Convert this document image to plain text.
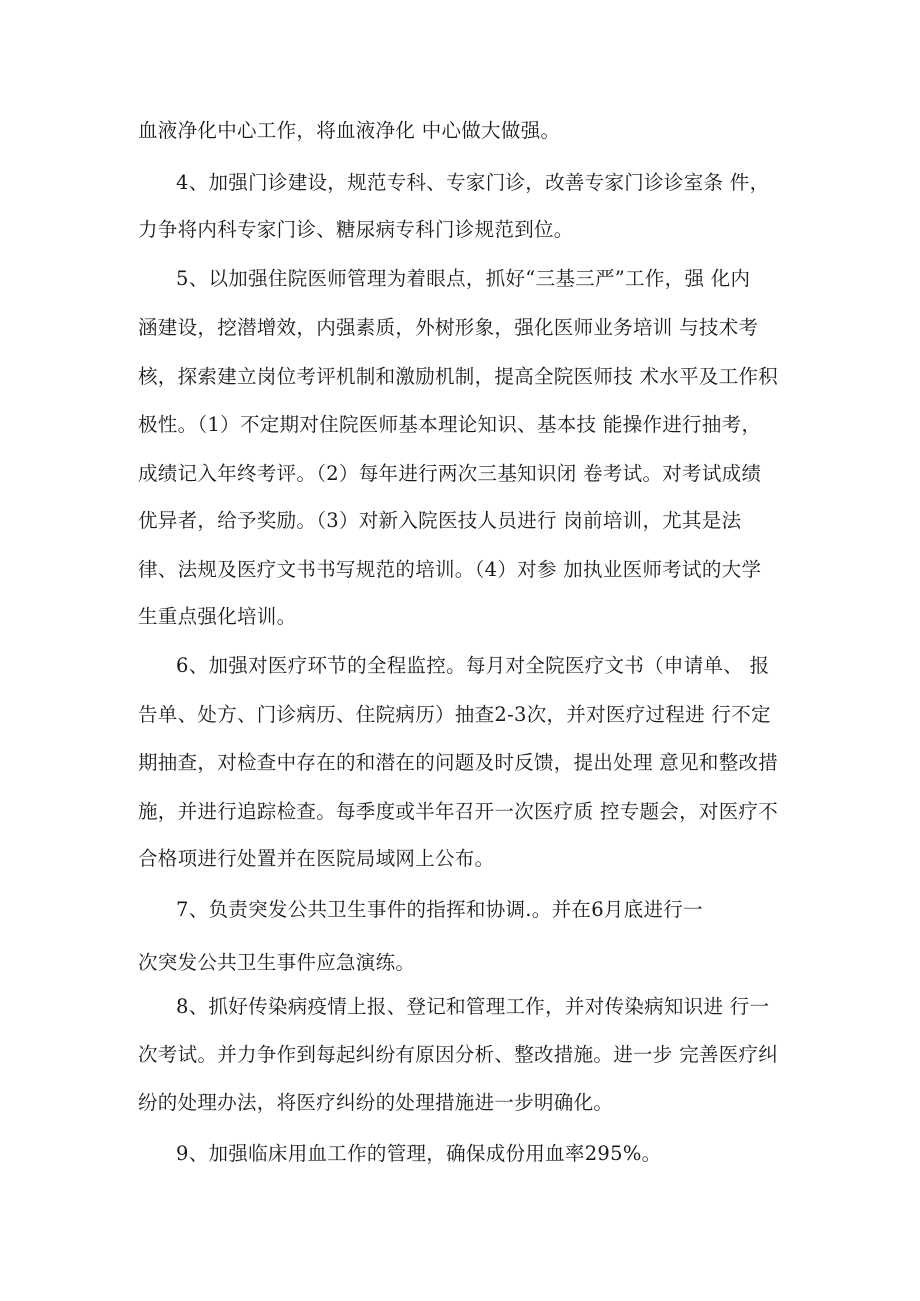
血液净化中心工作，将血液净化 中心做大做强。
4、加强门诊建设，规范专科、专家门诊，改善专家门诊诊室条 件，
力争将内科专家门诊、糖尿病专科门诊规范到位。
5、以加强住院医师管理为着眼点，抓好“三基三严”工作，强 化内
涵建设，挖潜增效，内强素质，外树形象，强化医师业务培训 与技术考
核，探索建立岗位考评机制和激励机制，提高全院医师技 术水平及工作积
极性。（1）不定期对住院医师基本理论知识、基本技 能操作进行抽考，
成绩记入年终考评。（2）每年进行两次三基知识闭 卷考试。对考试成绩
优异者，给予奖励。（3）对新入院医技人员进行 岗前培训，尤其是法
律、法规及医疗文书书写规范的培训。（4）对参 加执业医师考试的大学
生重点强化培训。
6、加强对医疗环节的全程监控。每月对全院医疗文书（申请单、 报
告单、处方、门诊病历、住院病历）抽查2-3次，并对医疗过程进 行不定
期抽查，对检查中存在的和潜在的问题及时反馈，提出处理 意见和整改措
施，并进行追踪检查。每季度或半年召开一次医疗质 控专题会，对医疗不
合格项进行处置并在医院局域网上公布。
7、负责突发公共卫生事件的指挥和协调.。并在6月底进行一
次突发公共卫生事件应急演练。
8、抓好传染病疫情上报、登记和管理工作，并对传染病知识进 行一
次考试。并力争作到每起纠纷有原因分析、整改措施。进一步 完善医疗纠
纷的处理办法，将医疗纠纷的处理措施进一步明确化。
9、加强临床用血工作的管理，确保成份用血率295%。
